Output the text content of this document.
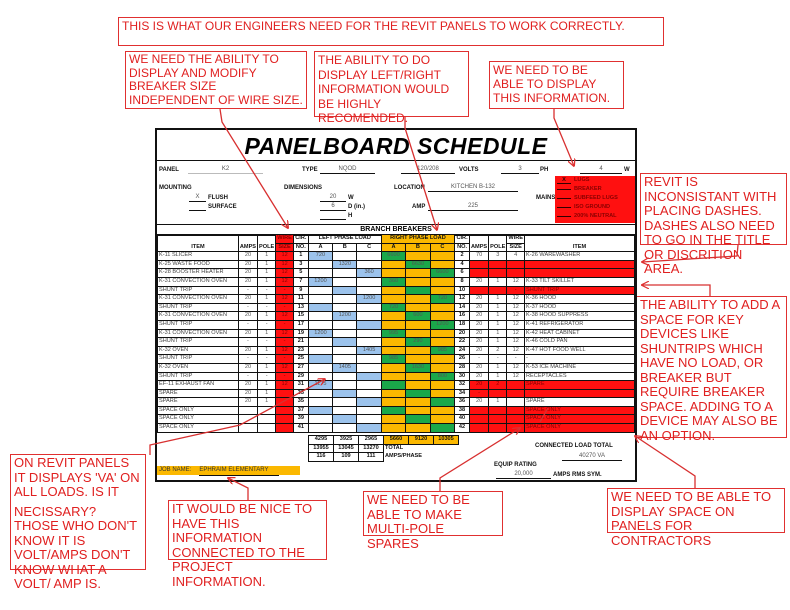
THIS IS WHAT OUR ENGINEERS NEED FOR THE REVIT PANELS TO WORK CORRECTLY.

WE NEED THE ABILITY TO DISPLAY AND MODIFY BREAKER SIZE INDEPENDENT OF WIRE SIZE.

THE ABILITY TO DO DISPLAY LEFT/RIGHT INFORMATION WOULD BE HIGHLY RECOMENDED.

WE NEED TO BE ABLE TO DISPLAY THIS INFORMATION.

REVIT IS INCONSISTANT WITH PLACING DASHES. DASHES ALSO NEED TO GO IN THE TITLE OR DISCRITION AREA.

THE ABILITY TO ADD A SPACE FOR KEY DEVICES LIKE SHUNTRIPS WHICH HAVE NO LOAD, OR BREAKER BUT REQUIRE BREAKER SPACE. ADDING TO A DEVICE MAY ALSO BE AN OPTION.

ON REVIT PANELS IT DISPLAYS 'VA' ON ALL LOADS. IS IT

NECISSARY? THOSE WHO DON'T KNOW IT IS VOLT/AMPS DON'T KNOW WHAT A VOLT/ AMP IS.

IT WOULD BE NICE TO HAVE THIS INFORMATION CONNECTED TO THE PROJECT INFORMATION.

WE NEED TO BE ABLE TO MAKE MULTI-POLE SPARES

WE NEED TO BE ABLE TO DISPLAY SPACE ON PANELS FOR CONTRACTORS

PANELBOARD SCHEDULE
PANEL	K2	TYPE	NQOD	120/208	VOLTS	3	PH	4	W
MOUNTING
X	FLUSH
SURFACE
DIMENSIONS
20	W
6	D (in.)
H
LOCATION	KITCHEN B-132
AMP	225
MAINS
X LUGS
BREAKER
SUBFEED LUGS
ISO GROUND
200% NEUTRAL
BRANCH BREAKERS
ITEM	AMPS	POLE	WIRE	CIR.	LEFT PHASE LOAD			RIGHT PHASE LOAD			CIR.	AMPS	POLE	WIRE	ITEM
			SIZE	NO.	A	B	C	A	B	C	NO.			SIZE	
K-11 SLICER	20	1	12	1	720			6600			2	70	3	4	K-26 WAREWASHER
K-25 WASTE FOOD	20	1	12	3		1320			6630		4				
K-28 BOOSTER HEATER	20	1	12	5			360			6600	6				
K-31 CONVECTION OVEN	20	1	12	7	1200			360			8	20	1	12	K-33 TILT SKILLET
SHUNT TRIP	-	-	-	9							10			-	SHUNT TRIP
K-31 CONVECTION OVEN	20	1	12	11			1200			720	12	20	1	12	K-36 HOOD
SHUNT TRIP	-	-	-	13				720			14	20	1	12	K-37 HOOD
K-31 CONVECTION OVEN	20	1	12	15		1200			600		16	20	1	12	K-38 HOOD SUPPRESS
SHUNT TRIP	-	-	-	17						1200	18	20	1	12	K-41 REFRIGERATOR
K-31 CONVECTION OVEN	20	1	12	19	1200			995			20	20	1	12	K-42 HEAT CABINET
SHUNT TRIP	-	-	-	21					290		22	20	1	12	K-46 COLD PAN
K-32 OVEN	20	1	12	23			1405			985	24	20	2	12	K-47 HOT FOOD WELL
SHUNT TRIP	-	-	-	25				985			26	-	-	-	-
K-32 OVEN	20	1	12	27		1405			1630		28	20	1	12	K-53 ICE MACHINE
SHUNT TRIP	-	-	-	29						800	30	20	1	12	RECEPTACLES
EF-11 EXHAUST FAN	20	1	12	31	1175						32	20	2		SPARE
SPARE	20	1		33							34	-			
SPARE	20	1		35							36	20	1		SPARE
SPACE ONLY				37							38				SPACE ONLY
SPACE ONLY				39							40				SPACE ONLY
SPACE ONLY				41							42				SPACE ONLY
4295	3925	2965	5660	9120	10305
13955	13045	13270	TOTAL		
116	109	111	AMPS/PHASE		
CONNECTED LOAD TOTAL
40270 VA
EQUIP RATING
20,000	AMPS RMS SYM.
JOB NAME: EPHRAIM ELEMENTARY
